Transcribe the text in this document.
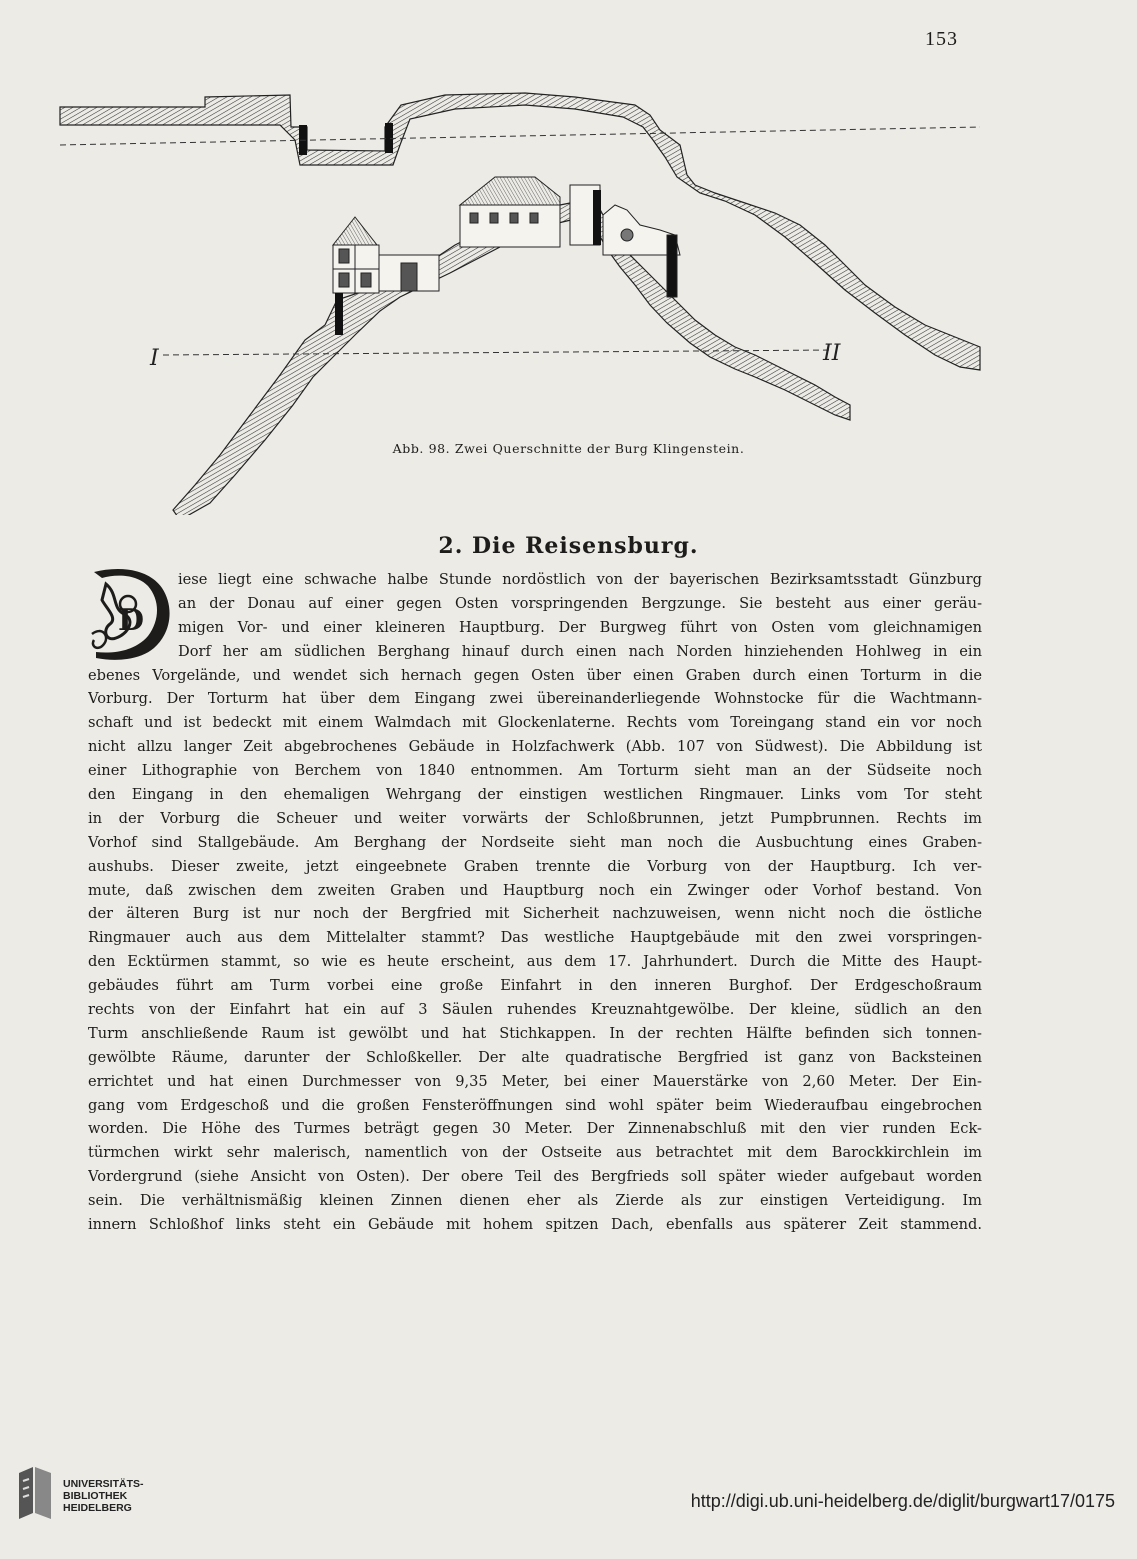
153
I	II
Abb. 98. Zwei Querschnitte der Burg Klingenstein.
2. Die Reisensburg.
D
iese liegt eine schwache halbe Stunde nordöstlich von der bayerischen Bezirksamtsstadt Günzburg
an der Donau auf einer gegen Osten vorspringenden Bergzunge. Sie besteht aus einer geräu-
migen Vor- und einer kleineren Hauptburg. Der Burgweg führt von Osten vom gleichnamigen
Dorf her am südlichen Berghang hinauf durch einen nach Norden hinziehenden Hohlweg in ein
ebenes Vorgelände, und wendet sich hernach gegen Osten über einen Graben durch einen Torturm in die
Vorburg. Der Torturm hat über dem Eingang zwei übereinanderliegende Wohnstocke für die Wachtmann-
schaft und ist bedeckt mit einem Walmdach mit Glockenlaterne. Rechts vom Toreingang stand ein vor noch
nicht allzu langer Zeit abgebrochenes Gebäude in Holzfachwerk (Abb. 107 von Südwest). Die Abbildung ist
einer Lithographie von Berchem von 1840 entnommen. Am Torturm sieht man an der Südseite noch
den Eingang in den ehemaligen Wehrgang der einstigen westlichen Ringmauer. Links vom Tor steht
in der Vorburg die Scheuer und weiter vorwärts der Schloßbrunnen, jetzt Pumpbrunnen. Rechts im
Vorhof sind Stallgebäude. Am Berghang der Nordseite sieht man noch die Ausbuchtung eines Graben-
aushubs. Dieser zweite, jetzt eingeebnete Graben trennte die Vorburg von der Hauptburg. Ich ver-
mute, daß zwischen dem zweiten Graben und Hauptburg noch ein Zwinger oder Vorhof bestand. Von
der älteren Burg ist nur noch der Bergfried mit Sicherheit nachzuweisen, wenn nicht noch die östliche
Ringmauer auch aus dem Mittelalter stammt? Das westliche Hauptgebäude mit den zwei vorspringen-
den Ecktürmen stammt, so wie es heute erscheint, aus dem 17. Jahrhundert. Durch die Mitte des Haupt-
gebäudes führt am Turm vorbei eine große Einfahrt in den inneren Burghof. Der Erdgeschoßraum
rechts von der Einfahrt hat ein auf 3 Säulen ruhendes Kreuznahtgewölbe. Der kleine, südlich an den
Turm anschließende Raum ist gewölbt und hat Stichkappen. In der rechten Hälfte befinden sich tonnen-
gewölbte Räume, darunter der Schloßkeller. Der alte quadratische Bergfried ist ganz von Backsteinen
errichtet und hat einen Durchmesser von 9,35 Meter, bei einer Mauerstärke von 2,60 Meter. Der Ein-
gang vom Erdgeschoß und die großen Fensteröffnungen sind wohl später beim Wiederaufbau eingebrochen
worden. Die Höhe des Turmes beträgt gegen 30 Meter. Der Zinnenabschluß mit den vier runden Eck-
türmchen wirkt sehr malerisch, namentlich von der Ostseite aus betrachtet mit dem Barockkirchlein im
Vordergrund (siehe Ansicht von Osten). Der obere Teil des Bergfrieds soll später wieder aufgebaut worden
sein. Die verhältnismäßig kleinen Zinnen dienen eher als Zierde als zur einstigen Verteidigung. Im
innern Schloßhof links steht ein Gebäude mit hohem spitzen Dach, ebenfalls aus späterer Zeit stammend.
UNIVERSITÄTS-
BIBLIOTHEK
HEIDELBERG	http://digi.ub.uni-heidelberg.de/diglit/burgwart17/0175
